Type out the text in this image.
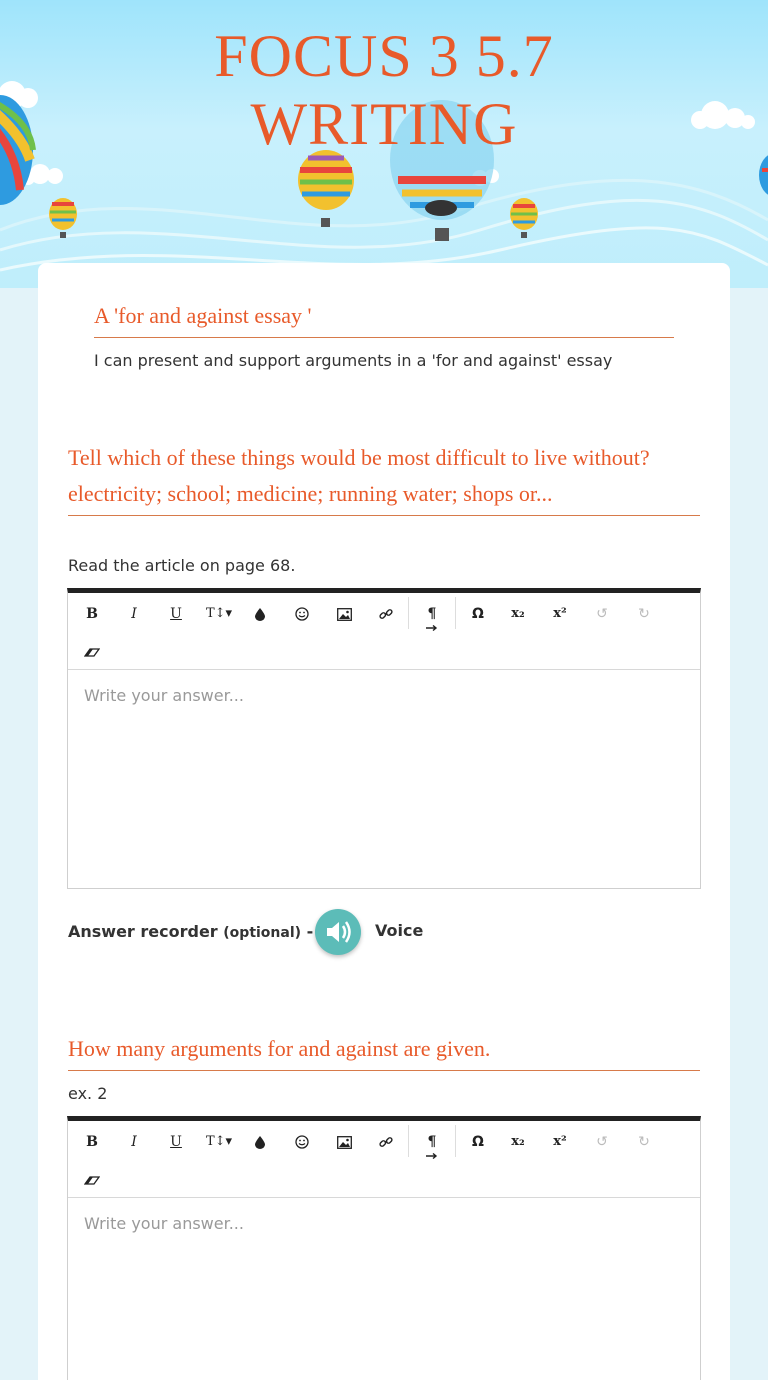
FOCUS 3 5.7
WRITING
A 'for and against essay '
I can present and support arguments in a 'for and against' essay
Tell which of these things would be most difficult to live without?
electricity; school; medicine; running water; shops or...
Read the article on page 68.
B	I	U	T↕▾	¶	Ω	x₂	x²	↺	↻
Write your answer...
Answer recorder (optional) -	Voice
How many arguments for and against are given.
ex. 2
B	I	U	T↕▾	¶	Ω	x₂	x²	↺	↻
Write your answer...
